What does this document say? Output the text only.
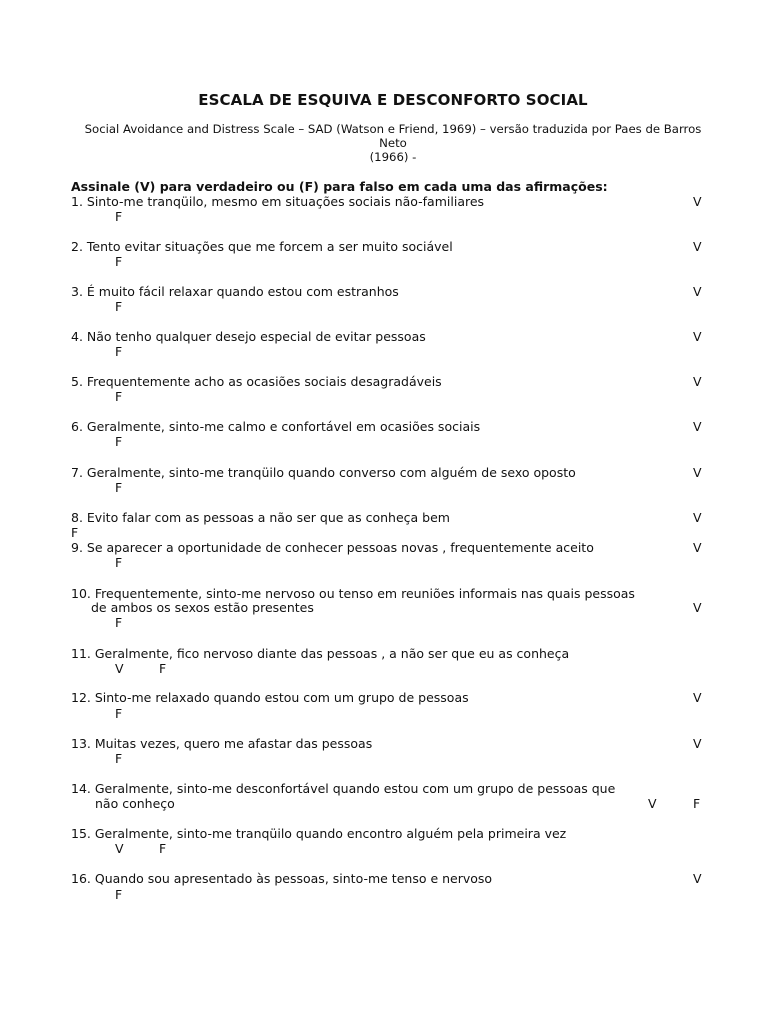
ESCALA DE ESQUIVA E DESCONFORTO SOCIAL
Social Avoidance and Distress Scale – SAD (Watson e Friend, 1969) – versão traduzida por Paes de Barros Neto
(1966) -
Assinale (V) para verdadeiro ou (F) para falso em cada uma das afirmações:
1. Sinto-me tranqüilo, mesmo em situações sociais não-familiares	V
F
2. Tento evitar situações que me forcem a ser muito sociável	V
F
3. É muito fácil relaxar quando estou com estranhos	V
F
4. Não tenho qualquer desejo especial de evitar pessoas	V
F
5. Frequentemente acho as ocasiões sociais desagradáveis	V
F
6. Geralmente, sinto-me calmo e confortável em ocasiões sociais	V
F
7. Geralmente, sinto-me tranqüilo quando converso com alguém de sexo oposto	V
F
8. Evito falar com as pessoas a não ser que as conheça bem	V
F
9. Se aparecer a oportunidade de conhecer pessoas novas , frequentemente aceito	V
F
10. Frequentemente, sinto-me nervoso ou tenso em reuniões informais nas quais pessoas
de ambos os sexos estão presentes	V
F
11. Geralmente, fico nervoso diante das pessoas , a não ser que eu as conheça
V	F
12. Sinto-me relaxado quando estou com um grupo de pessoas	V
F
13. Muitas vezes, quero me afastar das pessoas	V
F
14. Geralmente, sinto-me desconfortável quando estou com um grupo de pessoas que
não conheço	V	F
15. Geralmente, sinto-me tranqüilo quando encontro alguém pela primeira vez
V	F
16. Quando sou apresentado às pessoas, sinto-me tenso e nervoso	V
F
